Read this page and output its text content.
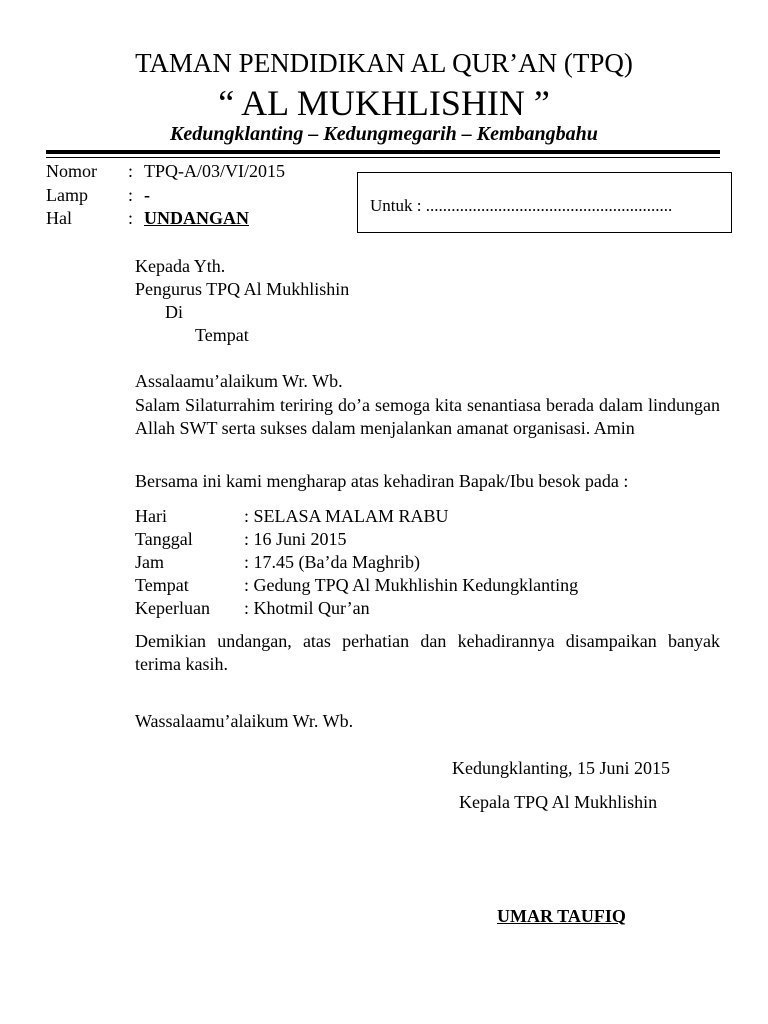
TAMAN PENDIDIKAN AL QUR’AN (TPQ)
“ AL MUKHLISHIN ”
Kedungklanting – Kedungmegarih – Kembangbahu
Nomor : TPQ-A/03/VI/2015
Lamp : -
Hal	: UNDANGAN
Untuk : ..........................................................
Kepada Yth.
Pengurus TPQ Al Mukhlishin
Di
Tempat
Assalaamu’alaikum Wr. Wb.
Salam Silaturrahim teriring do’a semoga kita senantiasa berada dalam lindungan Allah SWT serta sukses dalam menjalankan amanat organisasi. Amin
Bersama ini kami mengharap atas kehadiran Bapak/Ibu besok pada :
Hari	: SELASA MALAM RABU
Tanggal	: 16 Juni 2015
Jam	: 17.45 (Ba’da Maghrib)
Tempat	: Gedung TPQ Al Mukhlishin Kedungklanting
Keperluan : Khotmil Qur’an
Demikian undangan, atas perhatian dan kehadirannya disampaikan banyak terima kasih.
Wassalaamu’alaikum Wr. Wb.
Kedungklanting, 15 Juni 2015
Kepala TPQ Al Mukhlishin
UMAR TAUFIQ
